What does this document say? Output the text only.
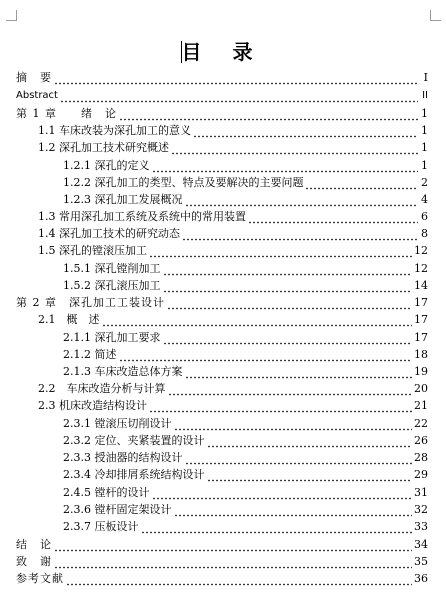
目 录
摘　要	I
Abstract	II
第 1 章　　绪　论	1
1.1 车床改装为深孔加工的意义	1
1.2 深孔加工技术研究概述	1
1.2.1 深孔的定义	1
1.2.2 深孔加工的类型、特点及要解决的主要问题	2
1.2.3 深孔加工发展概况	4
1.3 常用深孔加工系统及系统中的常用装置	6
1.4 深孔加工技术的研究动态	8
1.5 深孔的镗滚压加工	12
1.5.1 深孔镗削加工	12
1.5.2 深孔滚压加工	14
第 2 章　深孔加工工装设计	17
2.1　概　述	17
2.1.1 深孔加工要求	17
2.1.2 简述	18
2.1.3 车床改造总体方案	19
2.2　车床改造分析与计算	20
2.3 机床改造结构设计	21
2.3.1 镗滚压切削设计	22
2.3.2 定位、夹紧装置的设计	26
2.3.3 授油器的结构设计	28
2.3.4 冷却排屑系统结构设计	29
2.4.5 镗杆的设计	31
2.3.6 镗杆固定架设计	32
2.3.7 压板设计	33
结　论	34
致　谢	35
参考文献	36
